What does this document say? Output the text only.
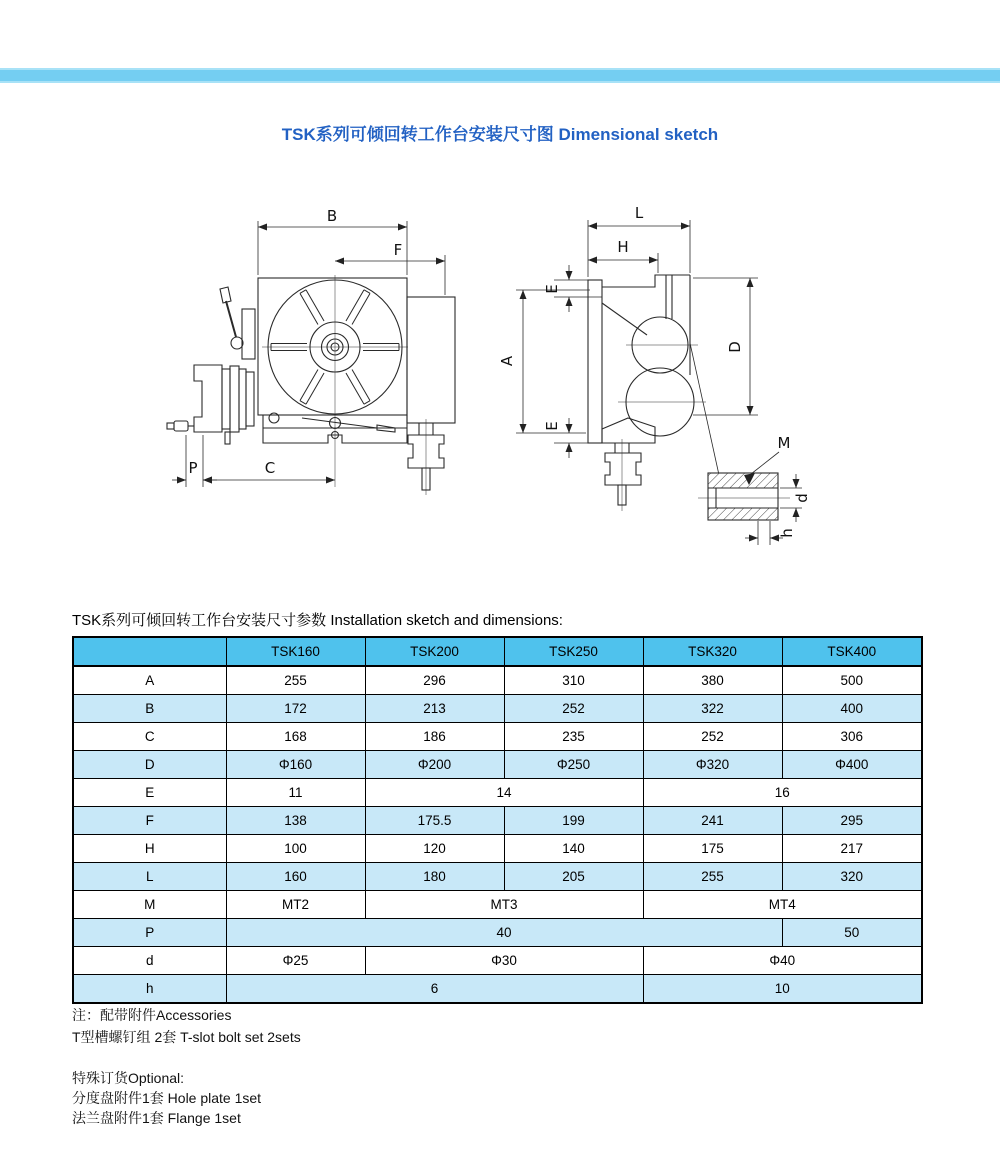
TSK系列可倾回转工作台安装尺寸图 Dimensional sketch
B
F
P	C
L
H
A
E
E
D
M
d
h
TSK系列可倾回转工作台安装尺寸参数 Installation sketch and dimensions:
	TSK160	TSK200	TSK250	TSK320	TSK400
A	255	296	310	380	500
B	172	213	252	322	400
C	168	186	235	252	306
D	Φ160	Φ200	Φ250	Φ320	Φ400
E	11	14		16	
F	138	175.5	199	241	295
H	100	120	140	175	217
L	160	180	205	255	320
M	MT2	MT3		MT4	
P	40				50
d	Φ25	Φ30		Φ40	
h	6			10	
注：配带附件Accessories
T型槽螺钉组 2套 T-slot bolt set 2sets
特殊订货Optional:
分度盘附件1套 Hole plate 1set
法兰盘附件1套 Flange 1set
